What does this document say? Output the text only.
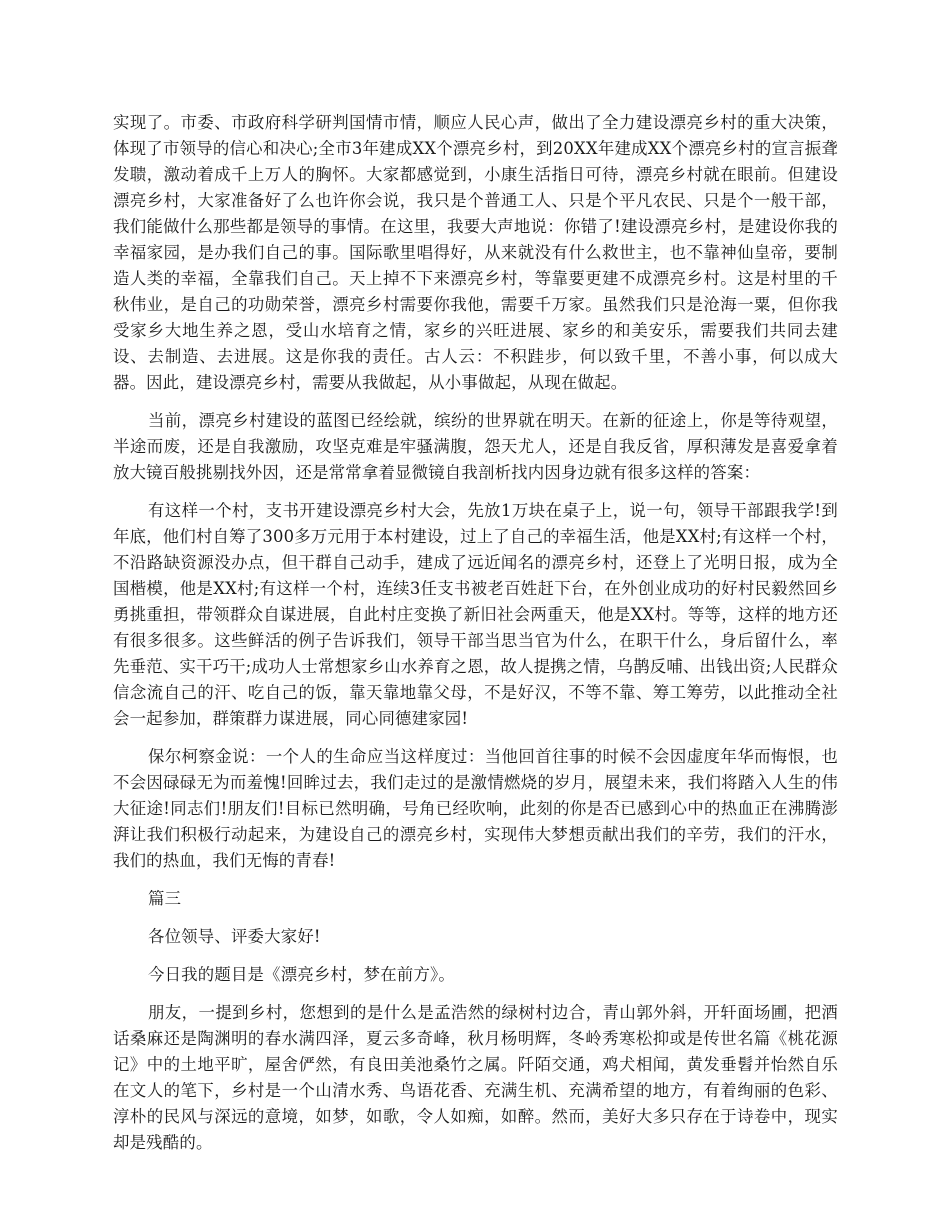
实现了。市委、市政府科学研判国情市情，顺应人民心声，做出了全力建设漂亮乡村的重大决策，体现了市领导的信心和决心;全市3年建成XX个漂亮乡村，到20XX年建成XX个漂亮乡村的宣言振聋发聩，激动着成千上万人的胸怀。大家都感觉到，小康生活指日可待，漂亮乡村就在眼前。但建设漂亮乡村，大家准备好了么也许你会说，我只是个普通工人、只是个平凡农民、只是个一般干部，我们能做什么那些都是领导的事情。在这里，我要大声地说：你错了!建设漂亮乡村，是建设你我的幸福家园，是办我们自己的事。国际歌里唱得好，从来就没有什么救世主，也不靠神仙皇帝，要制造人类的幸福，全靠我们自己。天上掉不下来漂亮乡村，等靠要更建不成漂亮乡村。这是村里的千秋伟业，是自己的功勋荣誉，漂亮乡村需要你我他，需要千万家。虽然我们只是沧海一粟，但你我受家乡大地生养之恩，受山水培育之情，家乡的兴旺进展、家乡的和美安乐，需要我们共同去建设、去制造、去进展。这是你我的责任。古人云：不积跬步，何以致千里，不善小事，何以成大器。因此，建设漂亮乡村，需要从我做起，从小事做起，从现在做起。

当前，漂亮乡村建设的蓝图已经绘就，缤纷的世界就在明天。在新的征途上，你是等待观望，半途而废，还是自我激励，攻坚克难是牢骚满腹，怨天尤人，还是自我反省，厚积薄发是喜爱拿着放大镜百般挑剔找外因，还是常常拿着显微镜自我剖析找内因身边就有很多这样的答案：

有这样一个村，支书开建设漂亮乡村大会，先放1万块在桌子上，说一句，领导干部跟我学!到年底，他们村自筹了300多万元用于本村建设，过上了自己的幸福生活，他是XX村;有这样一个村，不沿路缺资源没办点，但干群自己动手，建成了远近闻名的漂亮乡村，还登上了光明日报，成为全国楷模，他是XX村;有这样一个村，连续3任支书被老百姓赶下台，在外创业成功的好村民毅然回乡勇挑重担，带领群众自谋进展，自此村庄变换了新旧社会两重天，他是XX村。等等，这样的地方还有很多很多。这些鲜活的例子告诉我们，领导干部当思当官为什么，在职干什么，身后留什么，率先垂范、实干巧干;成功人士常想家乡山水养育之恩，故人提携之情，乌鹊反哺、出钱出资;人民群众信念流自己的汗、吃自己的饭，靠天靠地靠父母，不是好汉，不等不靠、筹工筹劳，以此推动全社会一起参加，群策群力谋进展，同心同德建家园!

保尔柯察金说：一个人的生命应当这样度过：当他回首往事的时候不会因虚度年华而悔恨，也不会因碌碌无为而羞愧!回眸过去，我们走过的是激情燃烧的岁月，展望未来，我们将踏入人生的伟大征途!同志们!朋友们!目标已然明确，号角已经吹响，此刻的你是否已感到心中的热血正在沸腾澎湃让我们积极行动起来，为建设自己的漂亮乡村，实现伟大梦想贡献出我们的辛劳，我们的汗水，我们的热血，我们无悔的青春!

篇三

各位领导、评委大家好!

今日我的题目是《漂亮乡村，梦在前方》。

朋友，一提到乡村，您想到的是什么是孟浩然的绿树村边合，青山郭外斜，开轩面场圃，把酒话桑麻还是陶渊明的春水满四泽，夏云多奇峰，秋月杨明辉，冬岭秀寒松抑或是传世名篇《桃花源记》中的土地平旷，屋舍俨然，有良田美池桑竹之属。阡陌交通，鸡犬相闻，黄发垂髫并怡然自乐在文人的笔下，乡村是一个山清水秀、鸟语花香、充满生机、充满希望的地方，有着绚丽的色彩、淳朴的民风与深远的意境，如梦，如歌，令人如痴，如醉。然而，美好大多只存在于诗卷中，现实却是残酷的。
